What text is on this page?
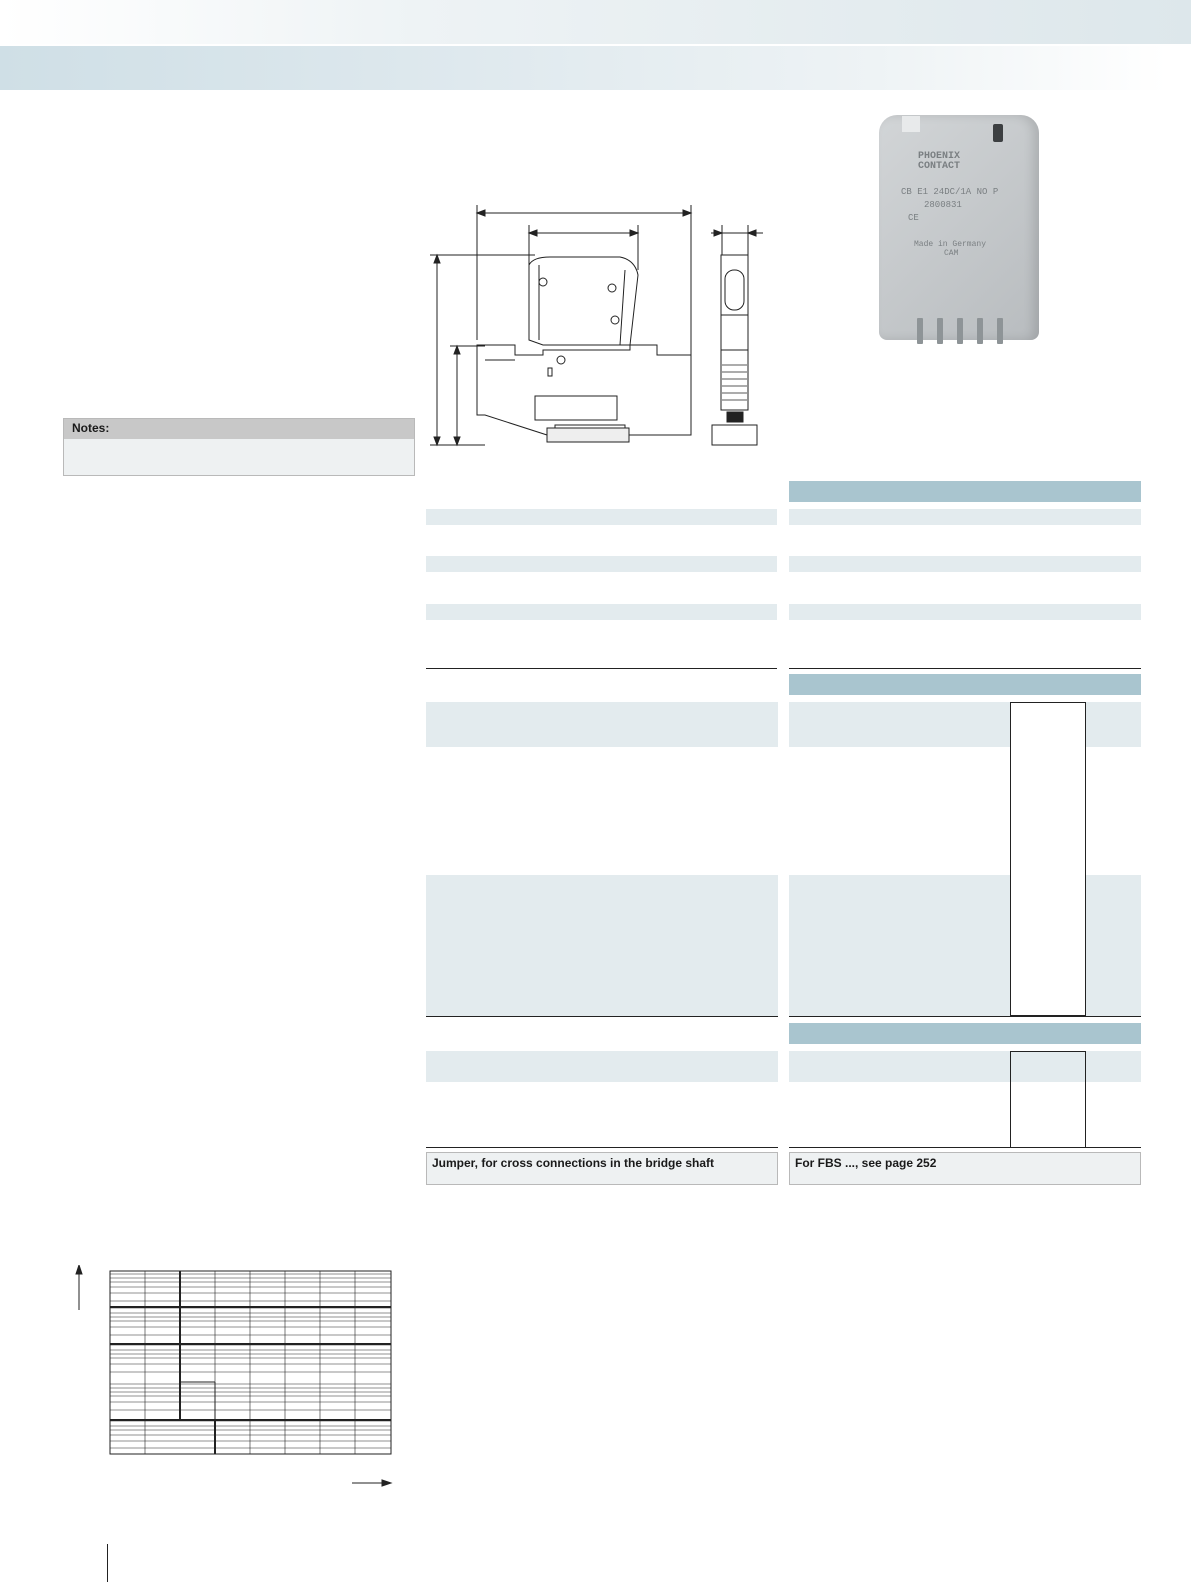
Notes:
PHOENIX
CONTACT
CB E1 24DC/1A NO P
2800831
CE
Made in Germany
CAM
Jumper, for cross connections in the bridge shaft	For FBS ..., see page 252
